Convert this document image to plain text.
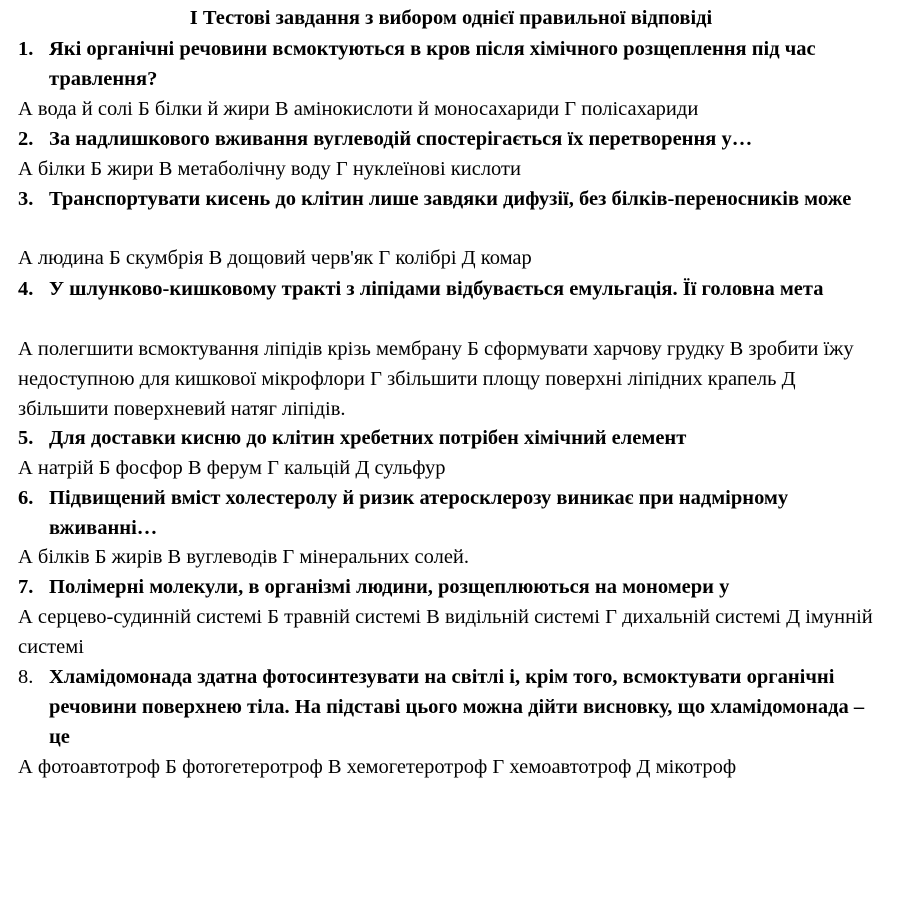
І Тестові завдання з вибором однієї правильної відповіді
1. Які органічні речовини всмоктуються в кров після хімічного розщеплення під час травлення?
А вода й солі Б білки й жири В амінокислоти й моносахариди Г полісахариди
2. За надлишкового вживання вуглеводій спостерігається їх перетворення у…
А білки Б жири В метаболічну воду Г нуклеїнові кислоти
3. Транспортувати кисень до клітин лише завдяки дифузії, без білків-переносників може
А людина Б скумбрія В дощовий черв'як Г колібрі Д комар
4. У шлунково-кишковому тракті з ліпідами відбувається емульгація. Її головна мета
А полегшити всмоктування ліпідів крізь мембрану Б сформувати харчову грудку В зробити їжу недоступною для кишкової мікрофлори Г збільшити площу поверхні ліпідних крапель Д збільшити поверхневий натяг ліпідів.
5. Для доставки кисню до клітин хребетних потрібен хімічний елемент
А натрій Б фосфор В ферум Г кальцій Д сульфур
6. Підвищений вміст холестеролу й ризик атеросклерозу виникає при надмірному вживанні…
А білків Б жирів В вуглеводів Г мінеральних солей.
7. Полімерні молекули, в організмі людини, розщеплюються на мономери у
А серцево-судинній системі Б травній системі В видільній системі Г дихальній системі Д імунній системі
8. Хламідомонада здатна фотосинтезувати на світлі і, крім того, всмоктувати органічні речовини поверхнею тіла. На підставі цього можна дійти висновку, що хламідомонада – це
А фотоавтотроф Б фотогетеротроф В хемогетеротроф Г хемоавтотроф Д мікотроф
